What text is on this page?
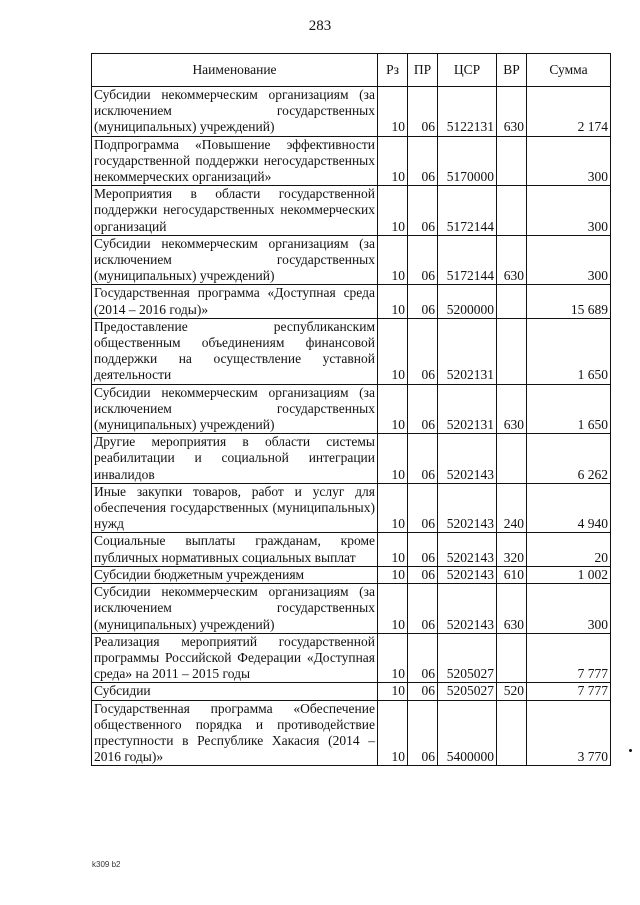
283
Наименование	Рз	ПР	ЦСР	ВР	Сумма
Субсидии некоммерческим организациям (за исключением государственных (муниципальных) учреждений)	10	06	5122131	630	2 174
Подпрограмма «Повышение эффективности государственной поддержки негосударственных некоммерческих организаций»	10	06	5170000		300
Мероприятия в области государственной поддержки негосударственных некоммерческих организаций	10	06	5172144		300
Субсидии некоммерческим организациям (за исключением государственных (муниципальных) учреждений)	10	06	5172144	630	300
Государственная программа «Доступная среда (2014 – 2016 годы)»	10	06	5200000		15 689
Предоставление республиканским общественным объединениям финансовой поддержки на осуществление уставной деятельности	10	06	5202131		1 650
Субсидии некоммерческим организациям (за исключением государственных (муниципальных) учреждений)	10	06	5202131	630	1 650
Другие мероприятия в области системы реабилитации и социальной интеграции инвалидов	10	06	5202143		6 262
Иные закупки товаров, работ и услуг для обеспечения государственных (муниципальных) нужд	10	06	5202143	240	4 940
Социальные выплаты гражданам, кроме публичных нормативных социальных выплат	10	06	5202143	320	20
Субсидии бюджетным учреждениям	10	06	5202143	610	1 002
Субсидии некоммерческим организациям (за исключением государственных (муниципальных) учреждений)	10	06	5202143	630	300
Реализация мероприятий государственной программы Российской Федерации «Доступная среда» на 2011 – 2015 годы	10	06	5205027		7 777
Субсидии	10	06	5205027	520	7 777
Государственная программа «Обеспечение общественного порядка и противодействие преступности в Республике Хакасия (2014 – 2016 годы)»	10	06	5400000		3 770
k309 b2
